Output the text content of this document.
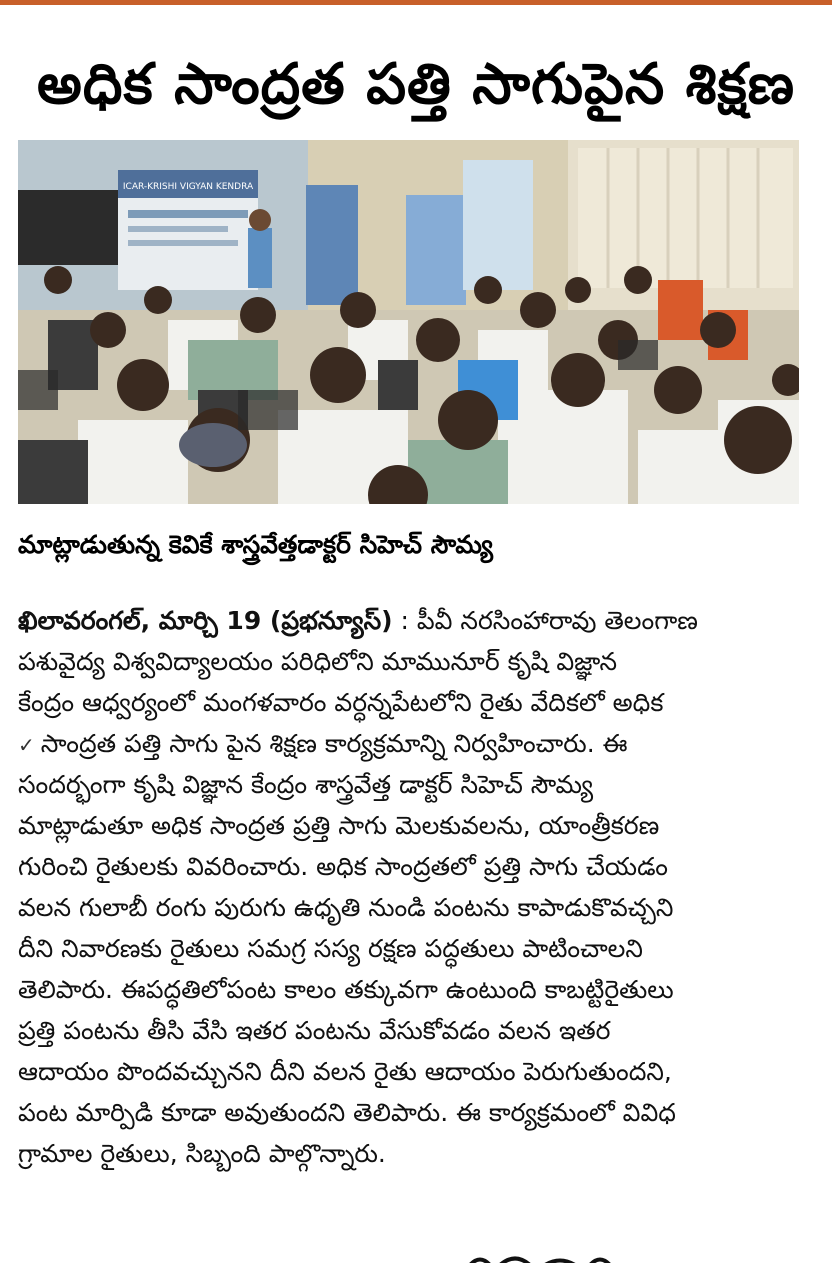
అధిక సాంద్రత పత్తి సాగుపైన శిక్షణ
ICAR-KRISHI VIGYAN KENDRA
మాట్లాడుతున్న కెవికే శాస్త్రవేత్తడాక్టర్ సిహెచ్ సౌమ్య
ఖిలావరంగల్, మార్చి 19 (ప్రభన్యూస్) : పీవీ నరసింహారావు తెలంగాణ
పశువైద్య విశ్వవిద్యాలయం పరిధిలోని మామునూర్ కృషి విజ్ఞాన
కేంద్రం ఆధ్వర్యంలో మంగళవారం వర్ధన్నపేటలోని రైతు వేదికలో అధిక
✓ సాంద్రత పత్తి సాగు పైన శిక్షణ కార్యక్రమాన్ని నిర్వహించారు. ఈ
సందర్భంగా కృషి విజ్ఞాన కేంద్రం శాస్త్రవేత్త డాక్టర్ సిహెచ్ సౌమ్య
మాట్లాడుతూ అధిక సాంద్రత ప్రత్తి సాగు మెలకువలను, యాంత్రీకరణ
గురించి రైతులకు వివరించారు. అధిక సాంద్రతలో ప్రత్తి సాగు చేయడం
వలన గులాబీ రంగు పురుగు ఉధృతి నుండి పంటను కాపాడుకొవచ్చని
దీని నివారణకు రైతులు సమగ్ర సస్య రక్షణ పద్ధతులు పాటించాలని
తెలిపారు. ఈపద్ధతిలోపంట కాలం తక్కువగా ఉంటుంది కాబట్టిరైతులు
ప్రత్తి పంటను తీసి వేసి ఇతర పంటను వేసుకోవడం వలన ఇతర
ఆదాయం పొందవచ్చునని దీని వలన రైతు ఆదాయం పెరుగుతుందని,
పంట మార్పిడి కూడా అవుతుందని తెలిపారు. ఈ కార్యక్రమంలో వివిధ
గ్రామాల రైతులు, సిబ్బంది పాల్గొన్నారు.
